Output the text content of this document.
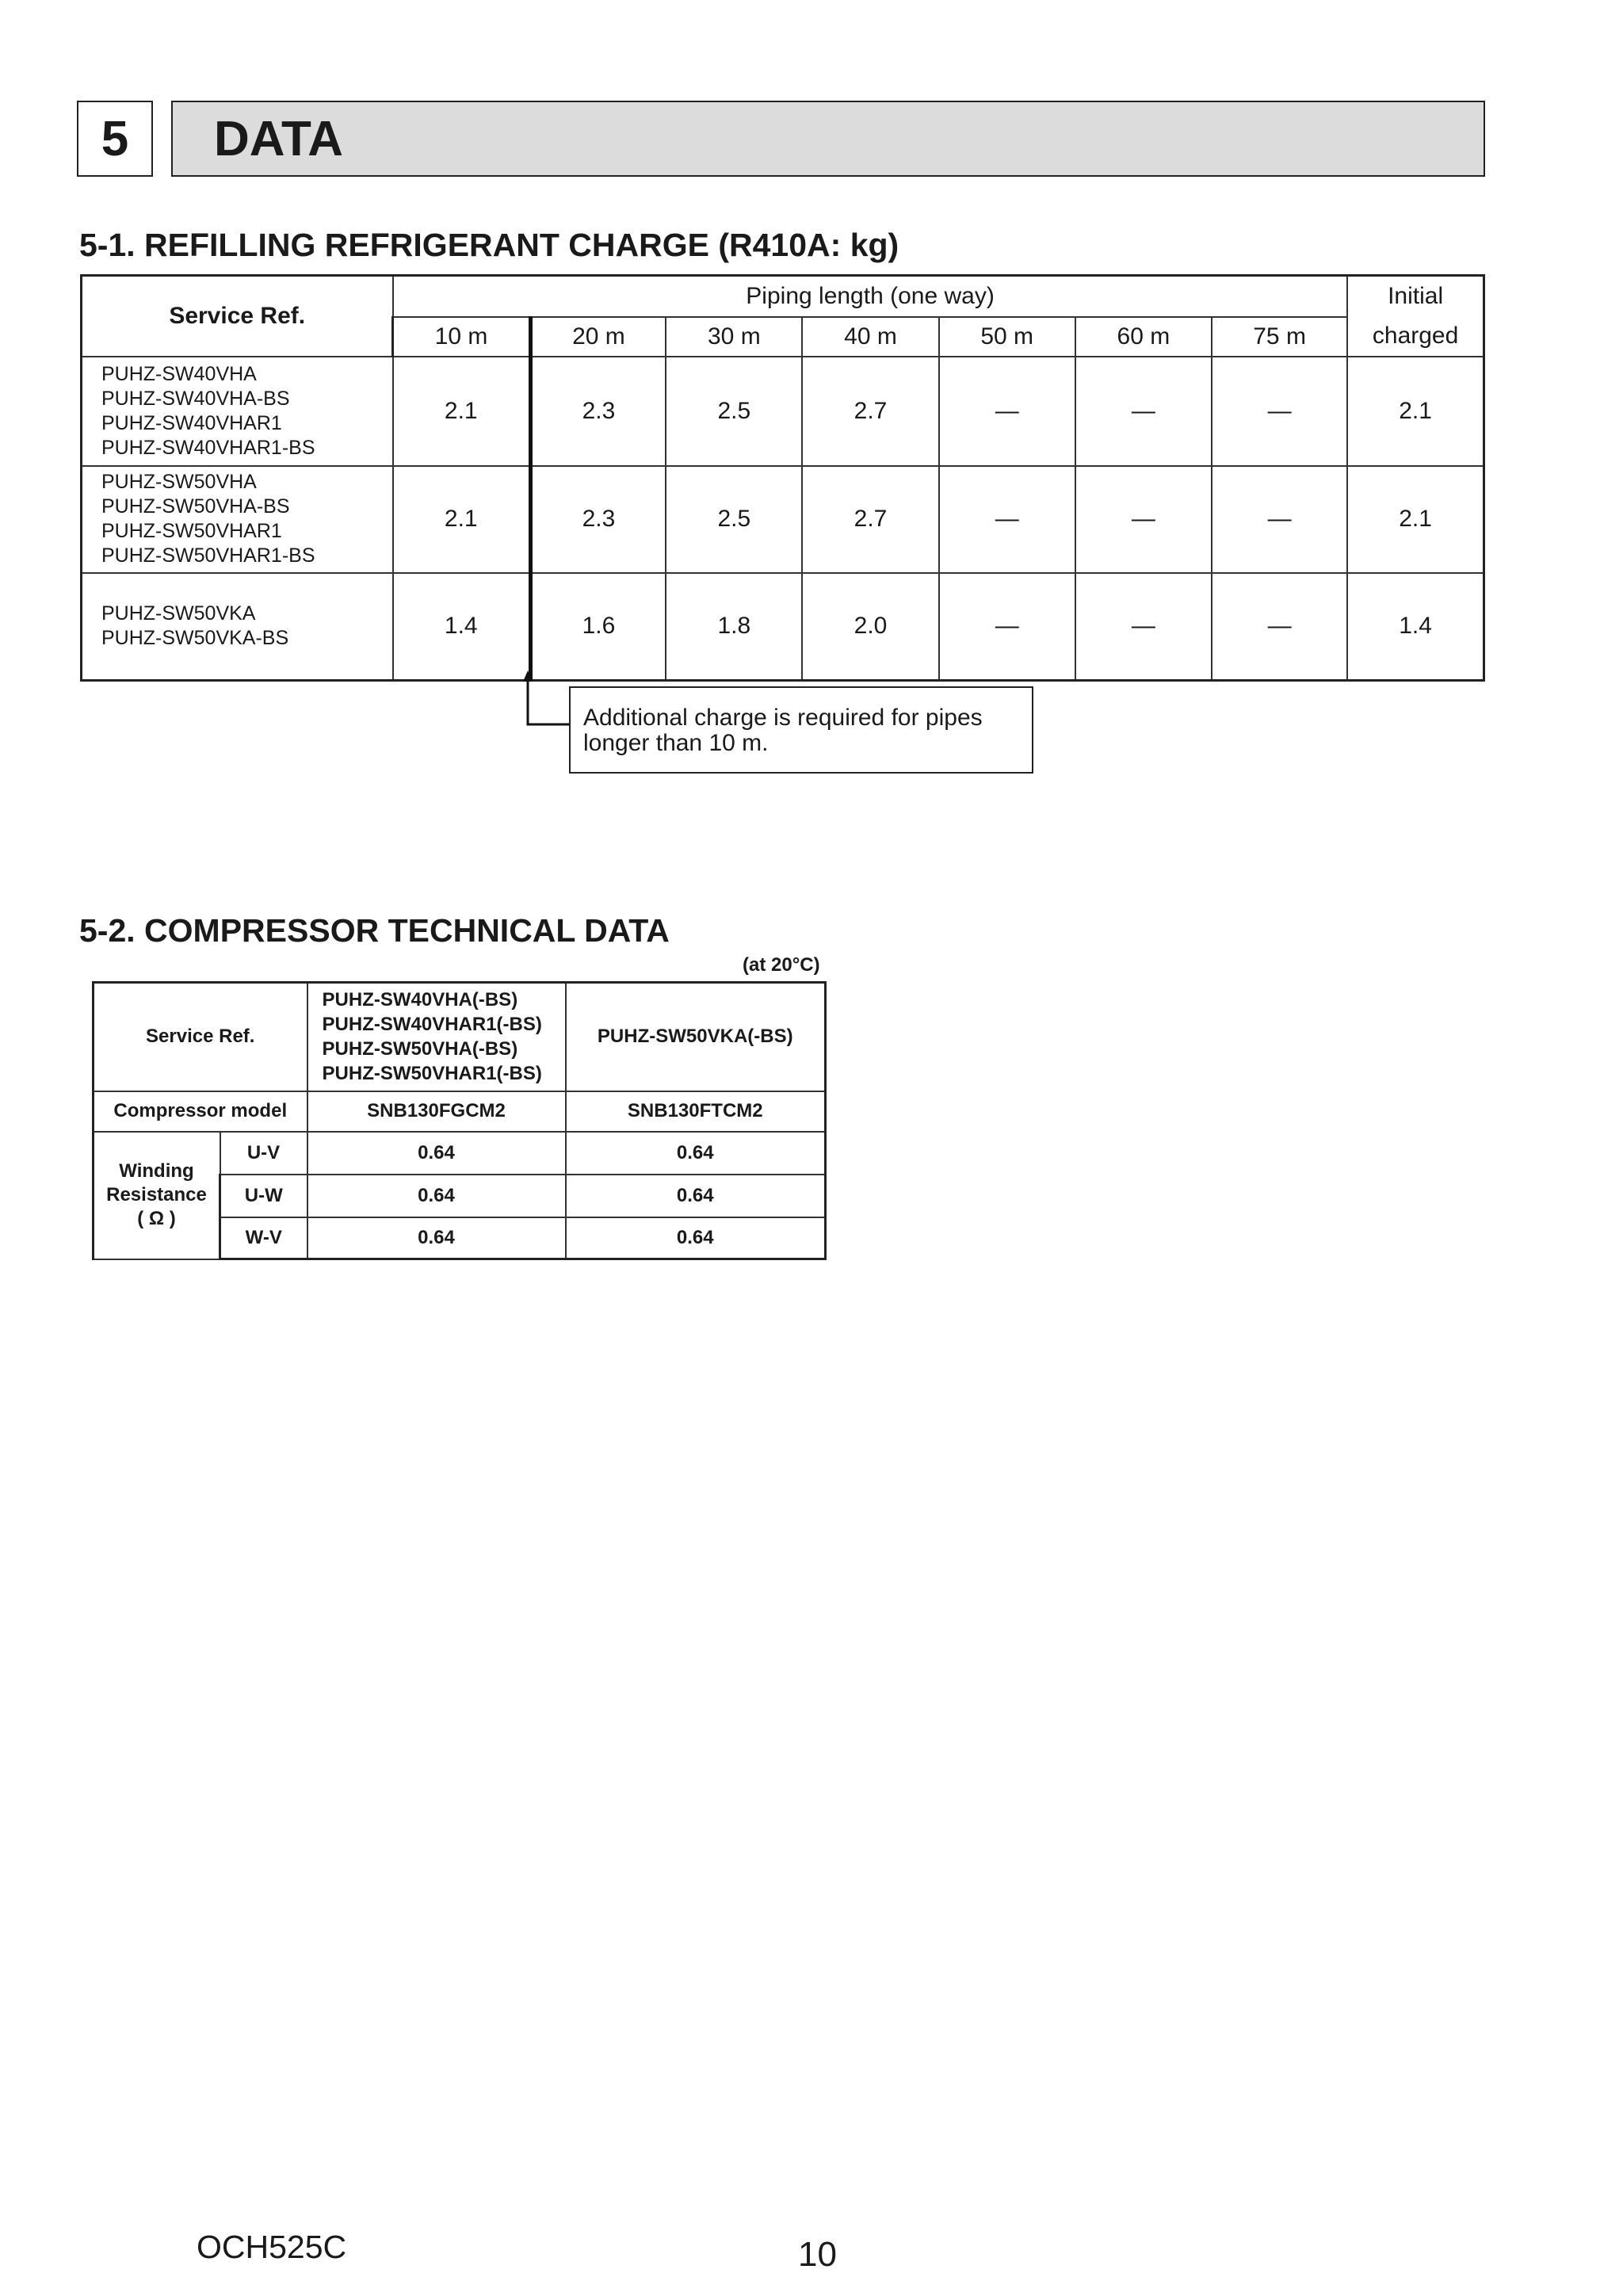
5	DATA
5-1. REFILLING REFRIGERANT CHARGE (R410A: kg)
Service Ref.	Piping length (one way)							Initial
	10 m	20 m	30 m	40 m	50 m	60 m	75 m	charged

PUHZ-SW40VHA
PUHZ-SW40VHA-BS
PUHZ-SW40VHAR1
PUHZ-SW40VHAR1-BS	2.1	2.3	2.5	2.7	—	—	—	2.1

PUHZ-SW50VHA
PUHZ-SW50VHA-BS
PUHZ-SW50VHAR1
PUHZ-SW50VHAR1-BS	2.1	2.3	2.5	2.7	—	—	—	2.1

PUHZ-SW50VKA
PUHZ-SW50VKA-BS	1.4	1.6	1.8	2.0	—	—	—	1.4
Additional charge is required for pipes
longer than 10 m.
5-2. COMPRESSOR TECHNICAL DATA
(at 20°C)
Service Ref.		PUHZ-SW40VHA(-BS)
PUHZ-SW40VHAR1(-BS)
PUHZ-SW50VHA(-BS)
PUHZ-SW50VHAR1(-BS)	PUHZ-SW50VKA(-BS)
Compressor model		SNB130FGCM2	SNB130FTCM2

Winding
Resistance
( Ω )	U-V	0.64	0.64
	U-W	0.64	0.64
	W-V	0.64	0.64
OCH525C	10
